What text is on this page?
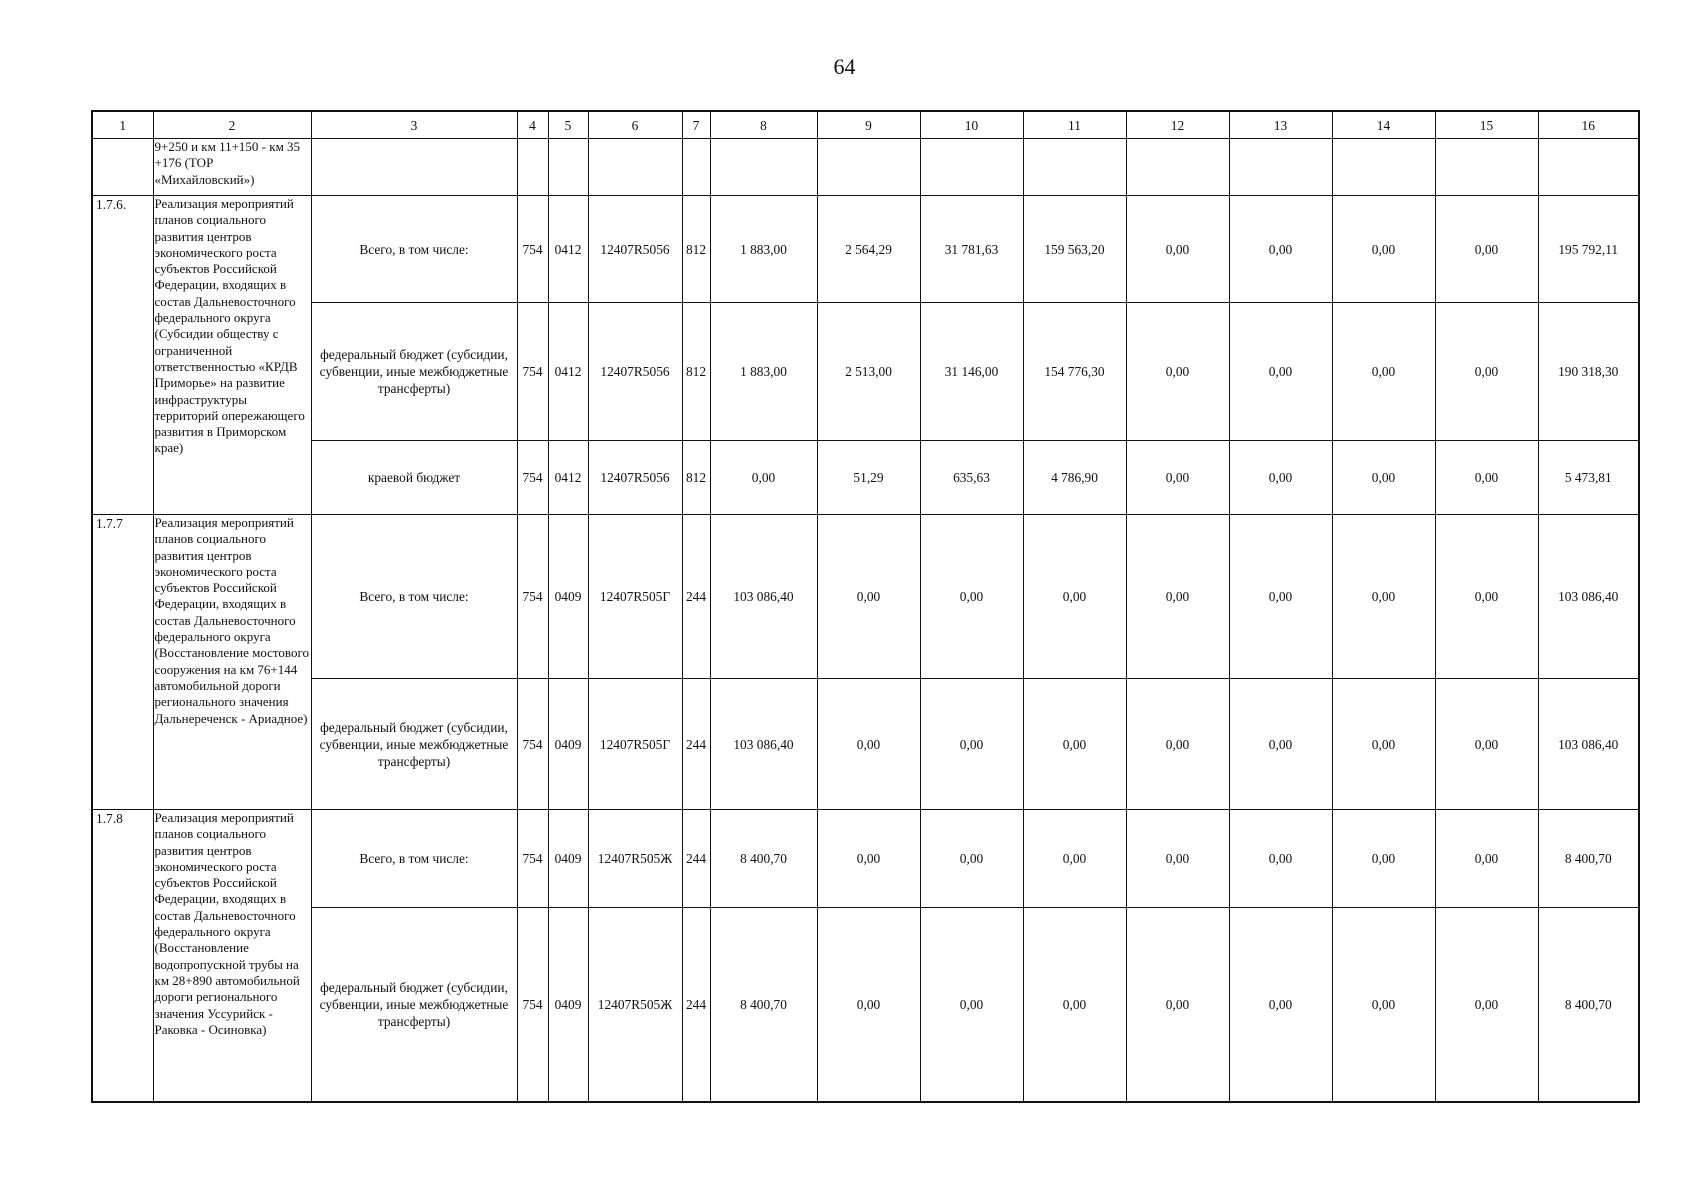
64
1	2	3	4	5	6	7	8	9	10	11	12	13	14	15	16
	9+250 и км 11+150 - км 35 +176 (ТОР «Михайловский»)														
1.7.6.	Реализация мероприятий планов социального развития центров экономического роста субъектов Российской Федерации, входящих в состав Дальневосточного федерального округа (Субсидии обществу с ограниченной ответственностью «КРДВ Приморье» на развитие инфраструктуры территорий опережающего развития в Приморском крае)	Всего, в том числе:	754	0412	12407R5056	812	1 883,00	2 564,29	31 781,63	159 563,20	0,00	0,00	0,00	0,00	195 792,11
		федеральный бюджет (субсидии, субвенции, иные межбюджетные трансферты)	754	0412	12407R5056	812	1 883,00	2 513,00	31 146,00	154 776,30	0,00	0,00	0,00	0,00	190 318,30
		краевой бюджет	754	0412	12407R5056	812	0,00	51,29	635,63	4 786,90	0,00	0,00	0,00	0,00	5 473,81
1.7.7	Реализация мероприятий планов социального развития центров экономического роста субъектов Российской Федерации, входящих в состав Дальневосточного федерального округа (Восстановление мостового сооружения на км 76+144 автомобильной дороги регионального значения Дальнереченск - Ариадное)	Всего, в том числе:	754	0409	12407R505Г	244	103 086,40	0,00	0,00	0,00	0,00	0,00	0,00	0,00	103 086,40
		федеральный бюджет (субсидии, субвенции, иные межбюджетные трансферты)	754	0409	12407R505Г	244	103 086,40	0,00	0,00	0,00	0,00	0,00	0,00	0,00	103 086,40
1.7.8	Реализация мероприятий планов социального развития центров экономического роста субъектов Российской Федерации, входящих в состав Дальневосточного федерального округа (Восстановление водопропускной трубы на км 28+890 автомобильной дороги регионального значения Уссурийск - Раковка - Осиновка)	Всего, в том числе:	754	0409	12407R505Ж	244	8 400,70	0,00	0,00	0,00	0,00	0,00	0,00	0,00	8 400,70
		федеральный бюджет (субсидии, субвенции, иные межбюджетные трансферты)	754	0409	12407R505Ж	244	8 400,70	0,00	0,00	0,00	0,00	0,00	0,00	0,00	8 400,70
